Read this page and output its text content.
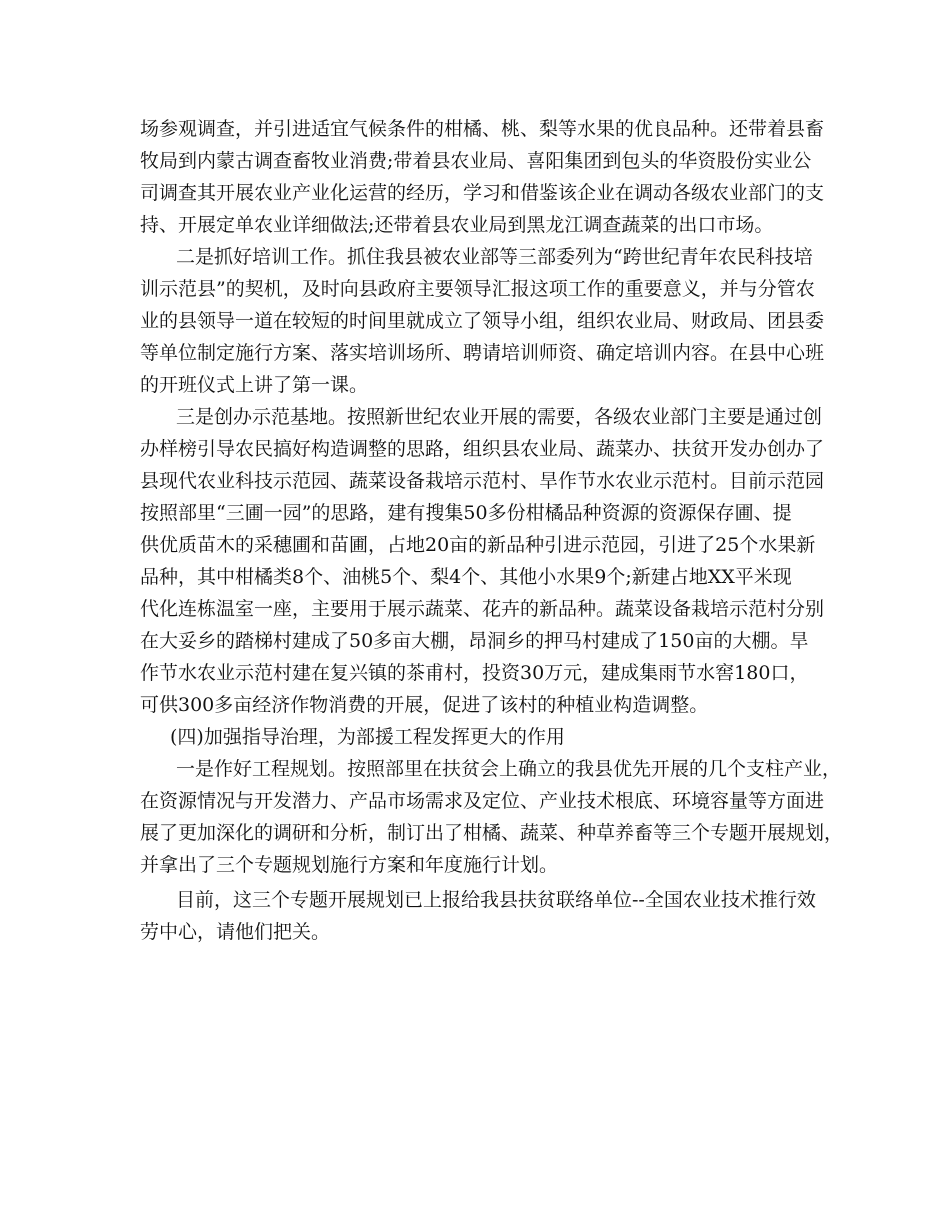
场参观调查，并引进适宜气候条件的柑橘、桃、梨等水果的优良品种。还带着县畜
牧局到内蒙古调查畜牧业消费;带着县农业局、喜阳集团到包头的华资股份实业公
司调查其开展农业产业化运营的经历，学习和借鉴该企业在调动各级农业部门的支
持、开展定单农业详细做法;还带着县农业局到黑龙江调查蔬菜的出口市场。
二是抓好培训工作。抓住我县被农业部等三部委列为“跨世纪青年农民科技培
训示范县”的契机，及时向县政府主要领导汇报这项工作的重要意义，并与分管农
业的县领导一道在较短的时间里就成立了领导小组，组织农业局、财政局、团县委
等单位制定施行方案、落实培训场所、聘请培训师资、确定培训内容。在县中心班
的开班仪式上讲了第一课。
三是创办示范基地。按照新世纪农业开展的需要，各级农业部门主要是通过创
办样榜引导农民搞好构造调整的思路，组织县农业局、蔬菜办、扶贫开发办创办了
县现代农业科技示范园、蔬菜设备栽培示范村、旱作节水农业示范村。目前示范园
按照部里“三圃一园”的思路，建有搜集50多份柑橘品种资源的资源保存圃、提
供优质苗木的采穗圃和苗圃，占地20亩的新品种引进示范园，引进了25个水果新
品种，其中柑橘类8个、油桃5个、梨4个、其他小水果9个;新建占地XX平米现
代化连栋温室一座，主要用于展示蔬菜、花卉的新品种。蔬菜设备栽培示范村分别
在大妥乡的踏梯村建成了50多亩大棚，昂洞乡的押马村建成了150亩的大棚。旱
作节水农业示范村建在复兴镇的茶甫村，投资30万元，建成集雨节水窖180口，
可供300多亩经济作物消费的开展，促进了该村的种植业构造调整。
(四)加强指导治理，为部援工程发挥更大的作用
一是作好工程规划。按照部里在扶贫会上确立的我县优先开展的几个支柱产业，
在资源情况与开发潜力、产品市场需求及定位、产业技术根底、环境容量等方面进
展了更加深化的调研和分析，制订出了柑橘、蔬菜、种草养畜等三个专题开展规划，
并拿出了三个专题规划施行方案和年度施行计划。
目前，这三个专题开展规划已上报给我县扶贫联络单位--全国农业技术推行效
劳中心，请他们把关。
